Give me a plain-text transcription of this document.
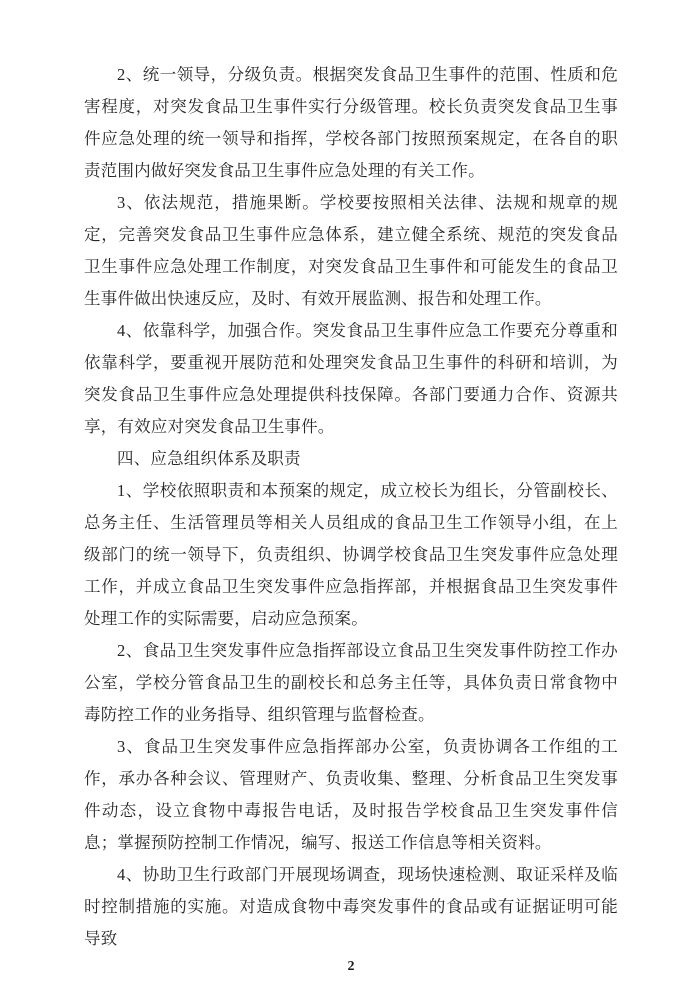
2、统一领导，分级负责。根据突发食品卫生事件的范围、性质和危害程度，对突发食品卫生事件实行分级管理。校长负责突发食品卫生事件应急处理的统一领导和指挥，学校各部门按照预案规定，在各自的职责范围内做好突发食品卫生事件应急处理的有关工作。

3、依法规范，措施果断。学校要按照相关法律、法规和规章的规定，完善突发食品卫生事件应急体系，建立健全系统、规范的突发食品卫生事件应急处理工作制度，对突发食品卫生事件和可能发生的食品卫生事件做出快速反应，及时、有效开展监测、报告和处理工作。

4、依靠科学，加强合作。突发食品卫生事件应急工作要充分尊重和依靠科学，要重视开展防范和处理突发食品卫生事件的科研和培训，为突发食品卫生事件应急处理提供科技保障。各部门要通力合作、资源共享，有效应对突发食品卫生事件。

四、应急组织体系及职责

1、学校依照职责和本预案的规定，成立校长为组长，分管副校长、总务主任、生活管理员等相关人员组成的食品卫生工作领导小组，在上级部门的统一领导下，负责组织、协调学校食品卫生突发事件应急处理工作，并成立食品卫生突发事件应急指挥部，并根据食品卫生突发事件处理工作的实际需要，启动应急预案。

2、食品卫生突发事件应急指挥部设立食品卫生突发事件防控工作办公室，学校分管食品卫生的副校长和总务主任等，具体负责日常食物中毒防控工作的业务指导、组织管理与监督检查。

3、食品卫生突发事件应急指挥部办公室，负责协调各工作组的工作，承办各种会议、管理财产、负责收集、整理、分析食品卫生突发事件动态，设立食物中毒报告电话，及时报告学校食品卫生突发事件信息；掌握预防控制工作情况，编写、报送工作信息等相关资料。

4、协助卫生行政部门开展现场调查，现场快速检测、取证采样及临时控制措施的实施。对造成食物中毒突发事件的食品或有证据证明可能导致

2
